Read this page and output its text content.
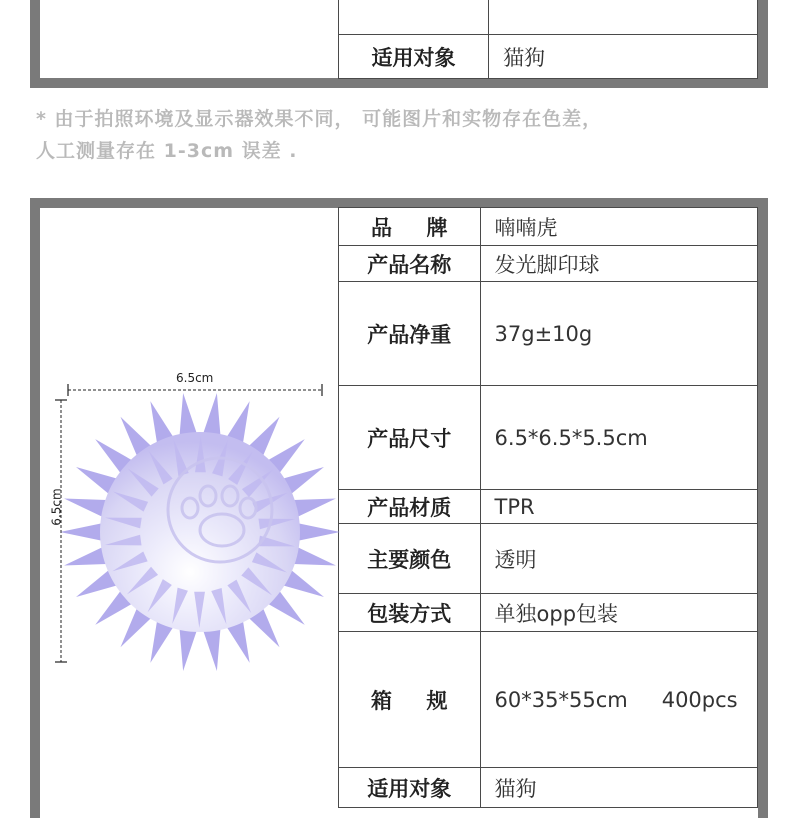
适用对象	猫狗
* 由于拍照环境及显示器效果不同， 可能图片和实物存在色差，
人工测量存在 1-3cm 误差 .
品 牌	喃喃虎
产品名称	发光脚印球
产品净重	37g±10g
产品尺寸	6.5*6.5*5.5cm
产品材质	TPR
主要颜色	透明
包装方式	单独opp包装

箱 规	60*35*55cm 400pcs
适用对象	猫狗
6.5cm
6.5cm
